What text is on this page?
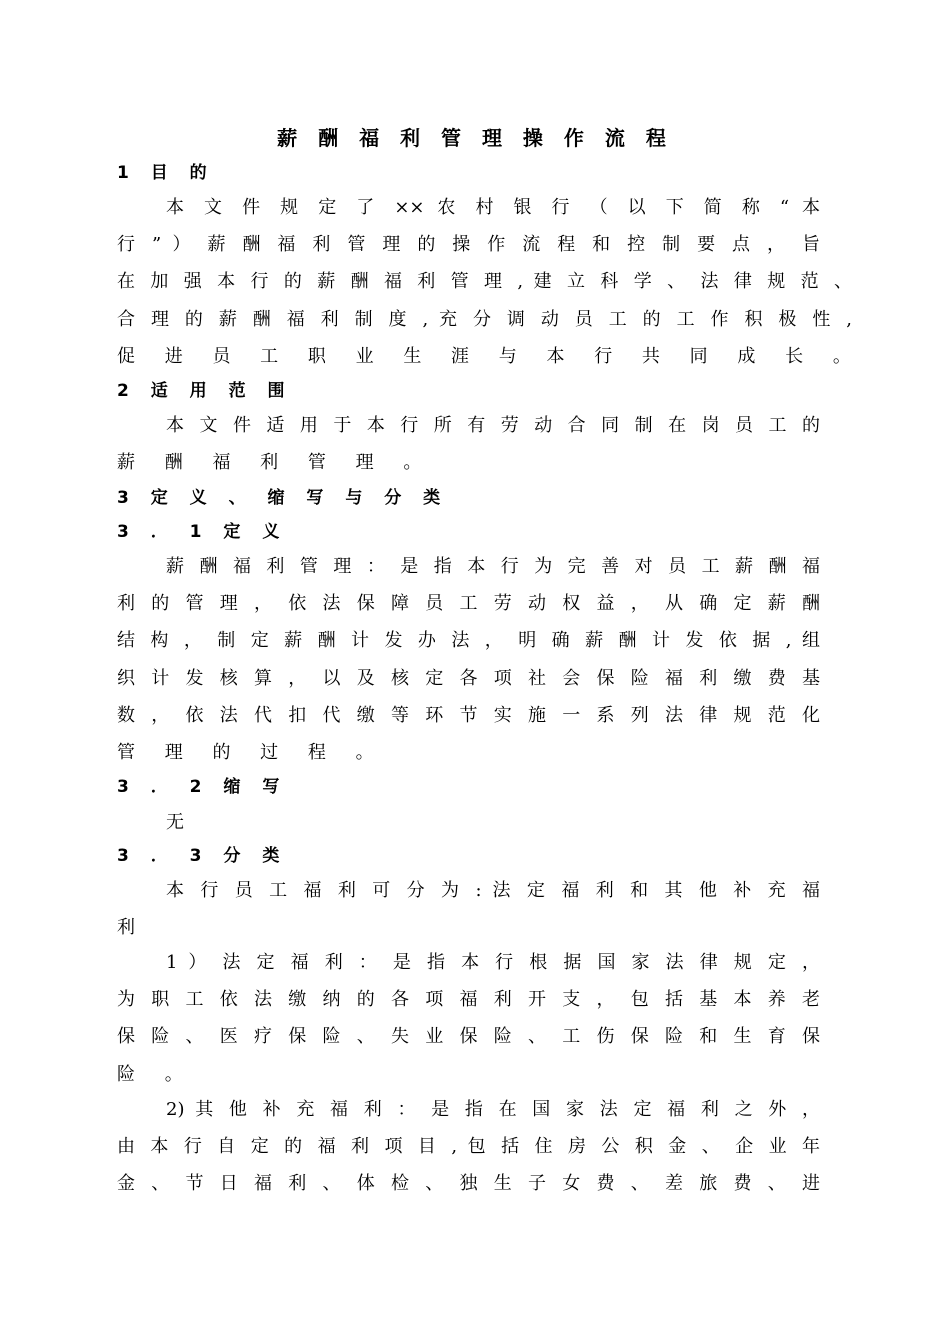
薪 酬 福 利 管 理 操 作 流 程
1 目 的
本 文 件 规 定 了 ×× 农 村 银 行 （ 以 下 简 称 “ 本
行 ” ） 薪 酬 福 利 管 理 的 操 作 流 程 和 控 制 要 点 ， 旨
在 加 强 本 行 的 薪 酬 福 利 管 理 , 建 立 科 学 、 法 律 规 范 、
合 理 的 薪 酬 福 利 制 度 , 充 分 调 动 员 工 的 工 作 积 极 性 ,
促 进 员 工 职 业 生 涯 与 本 行 共 同 成 长 。
2 适 用 范 围
本 文 件 适 用 于 本 行 所 有 劳 动 合 同 制 在 岗 员 工 的
薪 酬 福 利 管 理 。
3 定 义 、 缩 写 与 分 类
3 ． 1 定 义
薪 酬 福 利 管 理 ： 是 指 本 行 为 完 善 对 员 工 薪 酬 福
利 的 管 理 ， 依 法 保 障 员 工 劳 动 权 益 ， 从 确 定 薪 酬
结 构 ， 制 定 薪 酬 计 发 办 法 ， 明 确 薪 酬 计 发 依 据 , 组
织 计 发 核 算 ， 以 及 核 定 各 项 社 会 保 险 福 利 缴 费 基
数 ， 依 法 代 扣 代 缴 等 环 节 实 施 一 系 列 法 律 规 范 化
管 理 的 过 程 。
3 ． 2 缩 写
无
3 ． 3 分 类
本 行 员 工 福 利 可 分 为 : 法 定 福 利 和 其 他 补 充 福
利
1 ） 法 定 福 利 ： 是 指 本 行 根 据 国 家 法 律 规 定 ，
为 职 工 依 法 缴 纳 的 各 项 福 利 开 支 ， 包 括 基 本 养 老
保 险 、 医 疗 保 险 、 失 业 保 险 、 工 伤 保 险 和 生 育 保
险 。
2) 其 他 补 充 福 利 ： 是 指 在 国 家 法 定 福 利 之 外 ，
由 本 行 自 定 的 福 利 项 目 , 包 括 住 房 公 积 金 、 企 业 年
金 、 节 日 福 利 、 体 检 、 独 生 子 女 费 、 差 旅 费 、 进
